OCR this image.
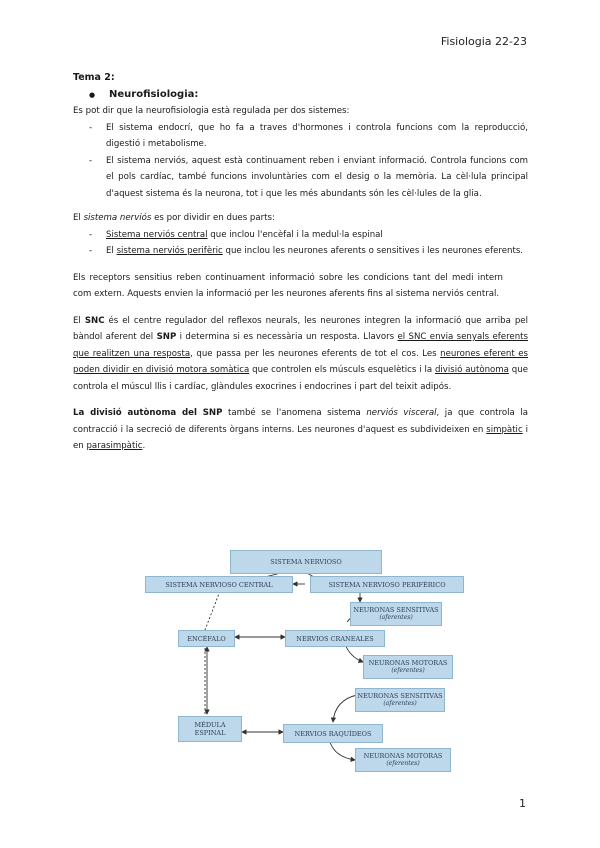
Fisiologia 22-23

Tema 2:

● Neurofisiologia:

Es pot dir que la neurofisiologia està regulada per dos sistemes:

- El sistema endocrí, que ho fa a traves d'hormones i controla funcions com la reproducció, digestió i metabolisme.
- El sistema nerviós, aquest està continuament reben i enviant informació. Controla funcions com el pols cardíac, també funcions involuntàries com el desig o la memòria. La cèl·lula principal d'aquest sistema és la neurona, tot i que les més abundants són les cèl·lules de la glia.

El sistema nerviós es por dividir en dues parts:

- Sistema nerviós central que inclou l'encèfal i la medul·la espinal
- El sistema nerviós perifèric que inclou les neurones aferents o sensitives i les neurones eferents.

Els receptors sensitius reben continuament informació sobre les condicions tant del medi intern com extern. Aquests envien la informació per les neurones aferents fins al sistema nerviós central.

El SNC és el centre regulador del reflexos neurals, les neurones integren la informació que arriba pel bàndol aferent del SNP i determina si es necessària un resposta. Llavors el SNC envia senyals eferents que realitzen una resposta, que passa per les neurones eferents de tot el cos. Les neurones eferent es poden dividir en divisió motora somàtica que controlen els músculs esquelètics i la divisió autònoma que controla el múscul llis i cardíac, glàndules exocrines i endocrines i part del teixit adipós.

La divisió autònoma del SNP també se l'anomena sistema nerviós visceral, ja que controla la contracció i la secreció de diferents òrgans interns. Les neurones d'aquest es subdivideixen en simpàtic i en parasimpàtic.

SISTEMA NERVIOSO
SISTEMA NERVIOSO CENTRAL	SISTEMA NERVIOSO PERIFÉRICO
NEURONAS SENSITIVAS
(aferentes)
ENCÉFALO	NERVIOS CRANEALES
NEURONAS MOTORAS
(eferentes)
NEURONAS SENSITIVAS
(aferentes)
MÉDULA ESPINAL	NERVIOS RAQUÍDEOS
NEURONAS MOTORAS
(eferentes)
1
